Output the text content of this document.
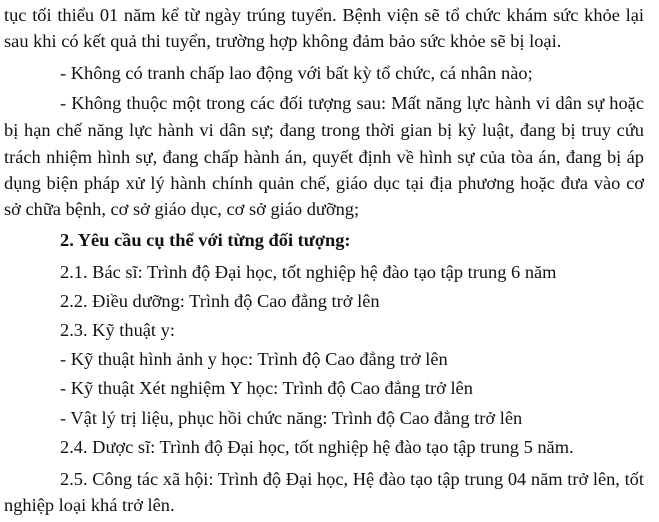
tục tối thiểu 01 năm kể từ ngày trúng tuyển. Bệnh viện sẽ tổ chức khám sức khỏe lại
sau khi có kết quả thi tuyển, trường hợp không đảm bảo sức khỏe sẽ bị loại.
- Không có tranh chấp lao động với bất kỳ tổ chức, cá nhân nào;
- Không thuộc một trong các đối tượng sau: Mất năng lực hành vi dân sự hoặc
bị hạn chế năng lực hành vi dân sự; đang trong thời gian bị kỷ luật, đang bị truy cứu
trách nhiệm hình sự, đang chấp hành án, quyết định về hình sự của tòa án, đang bị áp
dụng biện pháp xử lý hành chính quản chế, giáo dục tại địa phương hoặc đưa vào cơ
sở chữa bệnh, cơ sở giáo dục, cơ sở giáo dưỡng;
2. Yêu cầu cụ thể với từng đối tượng:
2.1. Bác sĩ: Trình độ Đại học, tốt nghiệp hệ đào tạo tập trung 6 năm
2.2. Điều dưỡng: Trình độ Cao đẳng trở lên
2.3. Kỹ thuật y:
- Kỹ thuật hình ảnh y học: Trình độ Cao đẳng trở lên
- Kỹ thuật Xét nghiệm Y học: Trình độ Cao đẳng trở lên
- Vật lý trị liệu, phục hồi chức năng: Trình độ Cao đẳng trở lên
2.4. Dược sĩ: Trình độ Đại học, tốt nghiệp hệ đào tạo tập trung 5 năm.
2.5. Công tác xã hội: Trình độ Đại học, Hệ đào tạo tập trung 04 năm trở lên, tốt
nghiệp loại khá trở lên.
